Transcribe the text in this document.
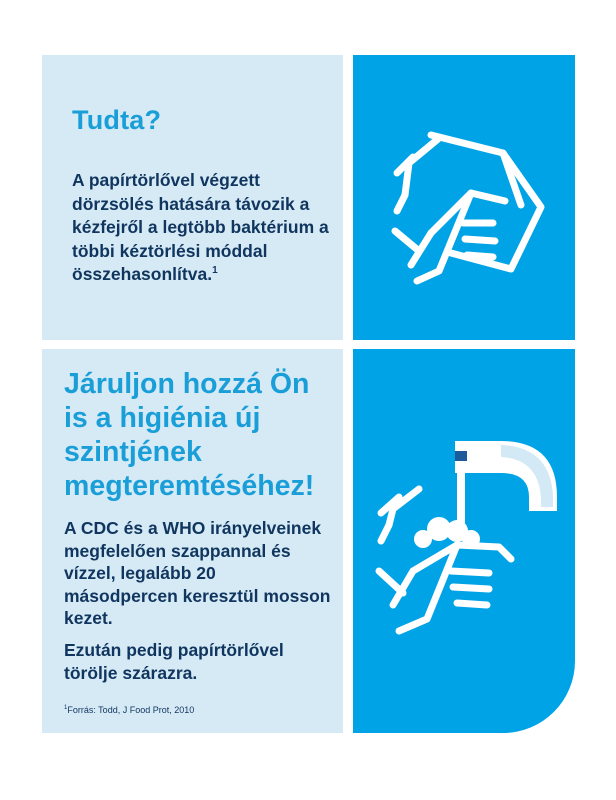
Tudta?

A papírtörlővel végzett dörzsölés hatására távozik a kézfejről a legtöbb baktérium a többi kéztörlési móddal összehasonlítva.$^1$

Járuljon hozzá Ön is a higiénia új szintjének megteremtéséhez!

A CDC és a WHO irányelveinek megfelelően szappannal és vízzel, legalább 20 másodpercen keresztül mosson kezet.

Ezután pedig papírtörlővel törölje szárazra.

$^1$Forrás: Todd, J Food Prot, 2010
